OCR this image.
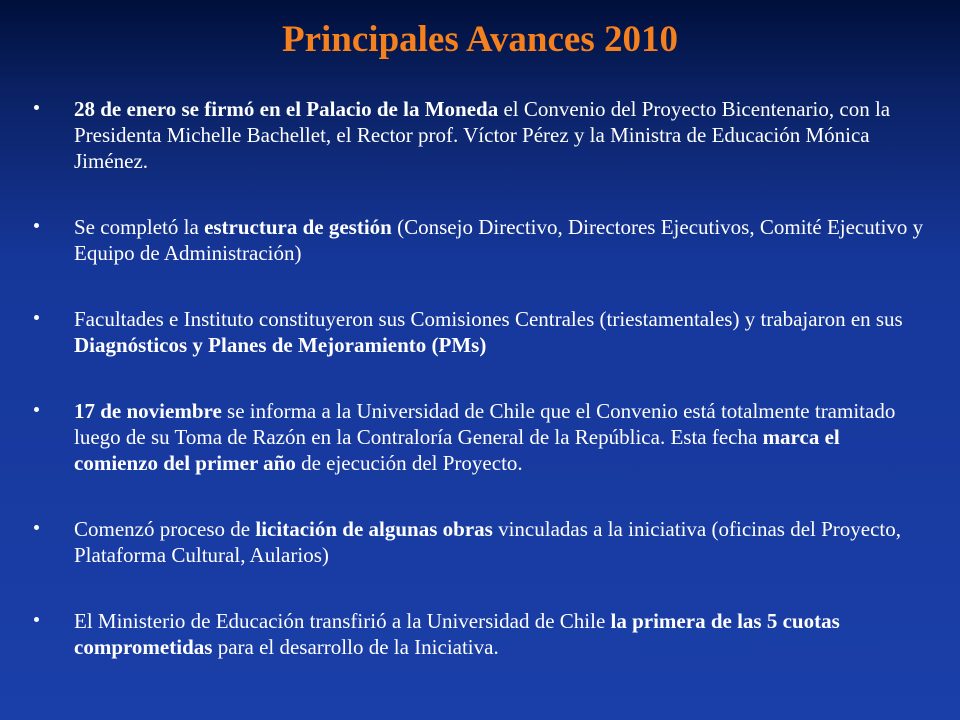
Principales Avances 2010
28 de enero se firmó en el Palacio de la Moneda el Convenio del Proyecto Bicentenario, con la Presidenta Michelle Bachellet, el Rector prof. Víctor Pérez y la Ministra de Educación Mónica Jiménez.
Se completó la estructura de gestión (Consejo Directivo, Directores Ejecutivos, Comité Ejecutivo y Equipo de Administración)
Facultades e Instituto constituyeron sus Comisiones Centrales (triestamentales) y trabajaron en sus Diagnósticos y Planes de Mejoramiento (PMs)
17 de noviembre se informa a la Universidad de Chile que el Convenio está totalmente tramitado luego de su Toma de Razón en la Contraloría General de la República. Esta fecha marca el comienzo del primer año de ejecución del Proyecto.
Comenzó proceso de licitación de algunas obras vinculadas a la iniciativa (oficinas del Proyecto, Plataforma Cultural, Aularios)
El Ministerio de Educación transfirió a la Universidad de Chile la primera de las 5 cuotas comprometidas para el desarrollo de la Iniciativa.
